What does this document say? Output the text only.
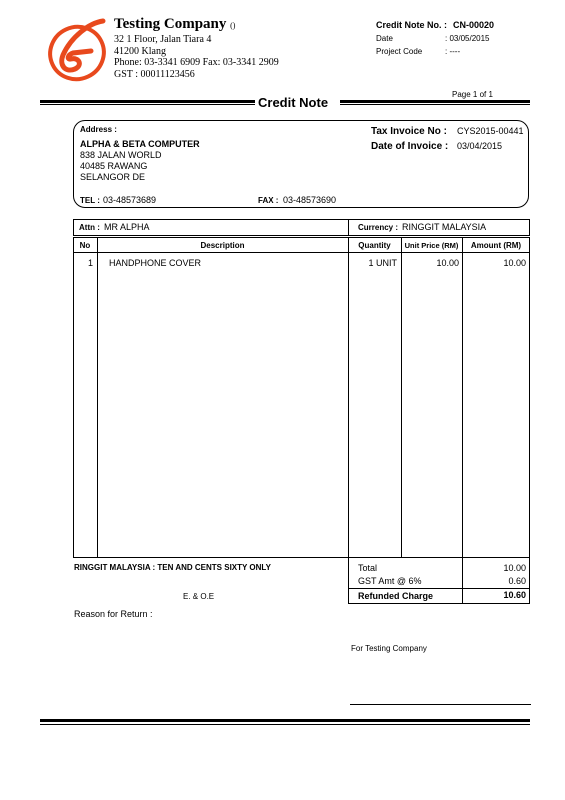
Testing Company ()
32 1 Floor, Jalan Tiara 4
41200 Klang
Phone: 03-3341 6909 Fax: 03-3341 2909
GST : 00011123456
Credit Note No. : CN-00020
Date	: 03/05/2015
Project Code	: ----
Page 1 of 1
Credit Note
Address :
ALPHA & BETA COMPUTER
838 JALAN WORLD
40485 RAWANG
SELANGOR DE
TEL : 03-48573689	FAX : 03-48573690
Tax Invoice No : CYS2015-00441
Date of Invoice : 03/04/2015
Attn : MR ALPHA	Currency : RINGGIT MALAYSIA
No	Description	Quantity	Unit Price (RM)	Amount (RM)
1 HANDPHONE COVER	1 UNIT	10.00	10.00
RINGGIT MALAYSIA : TEN AND CENTS SIXTY ONLY
E. & O.E
Total	10.00
GST Amt @ 6%	0.60
Refunded Charge	10.60
Reason for Return :
For Testing Company
